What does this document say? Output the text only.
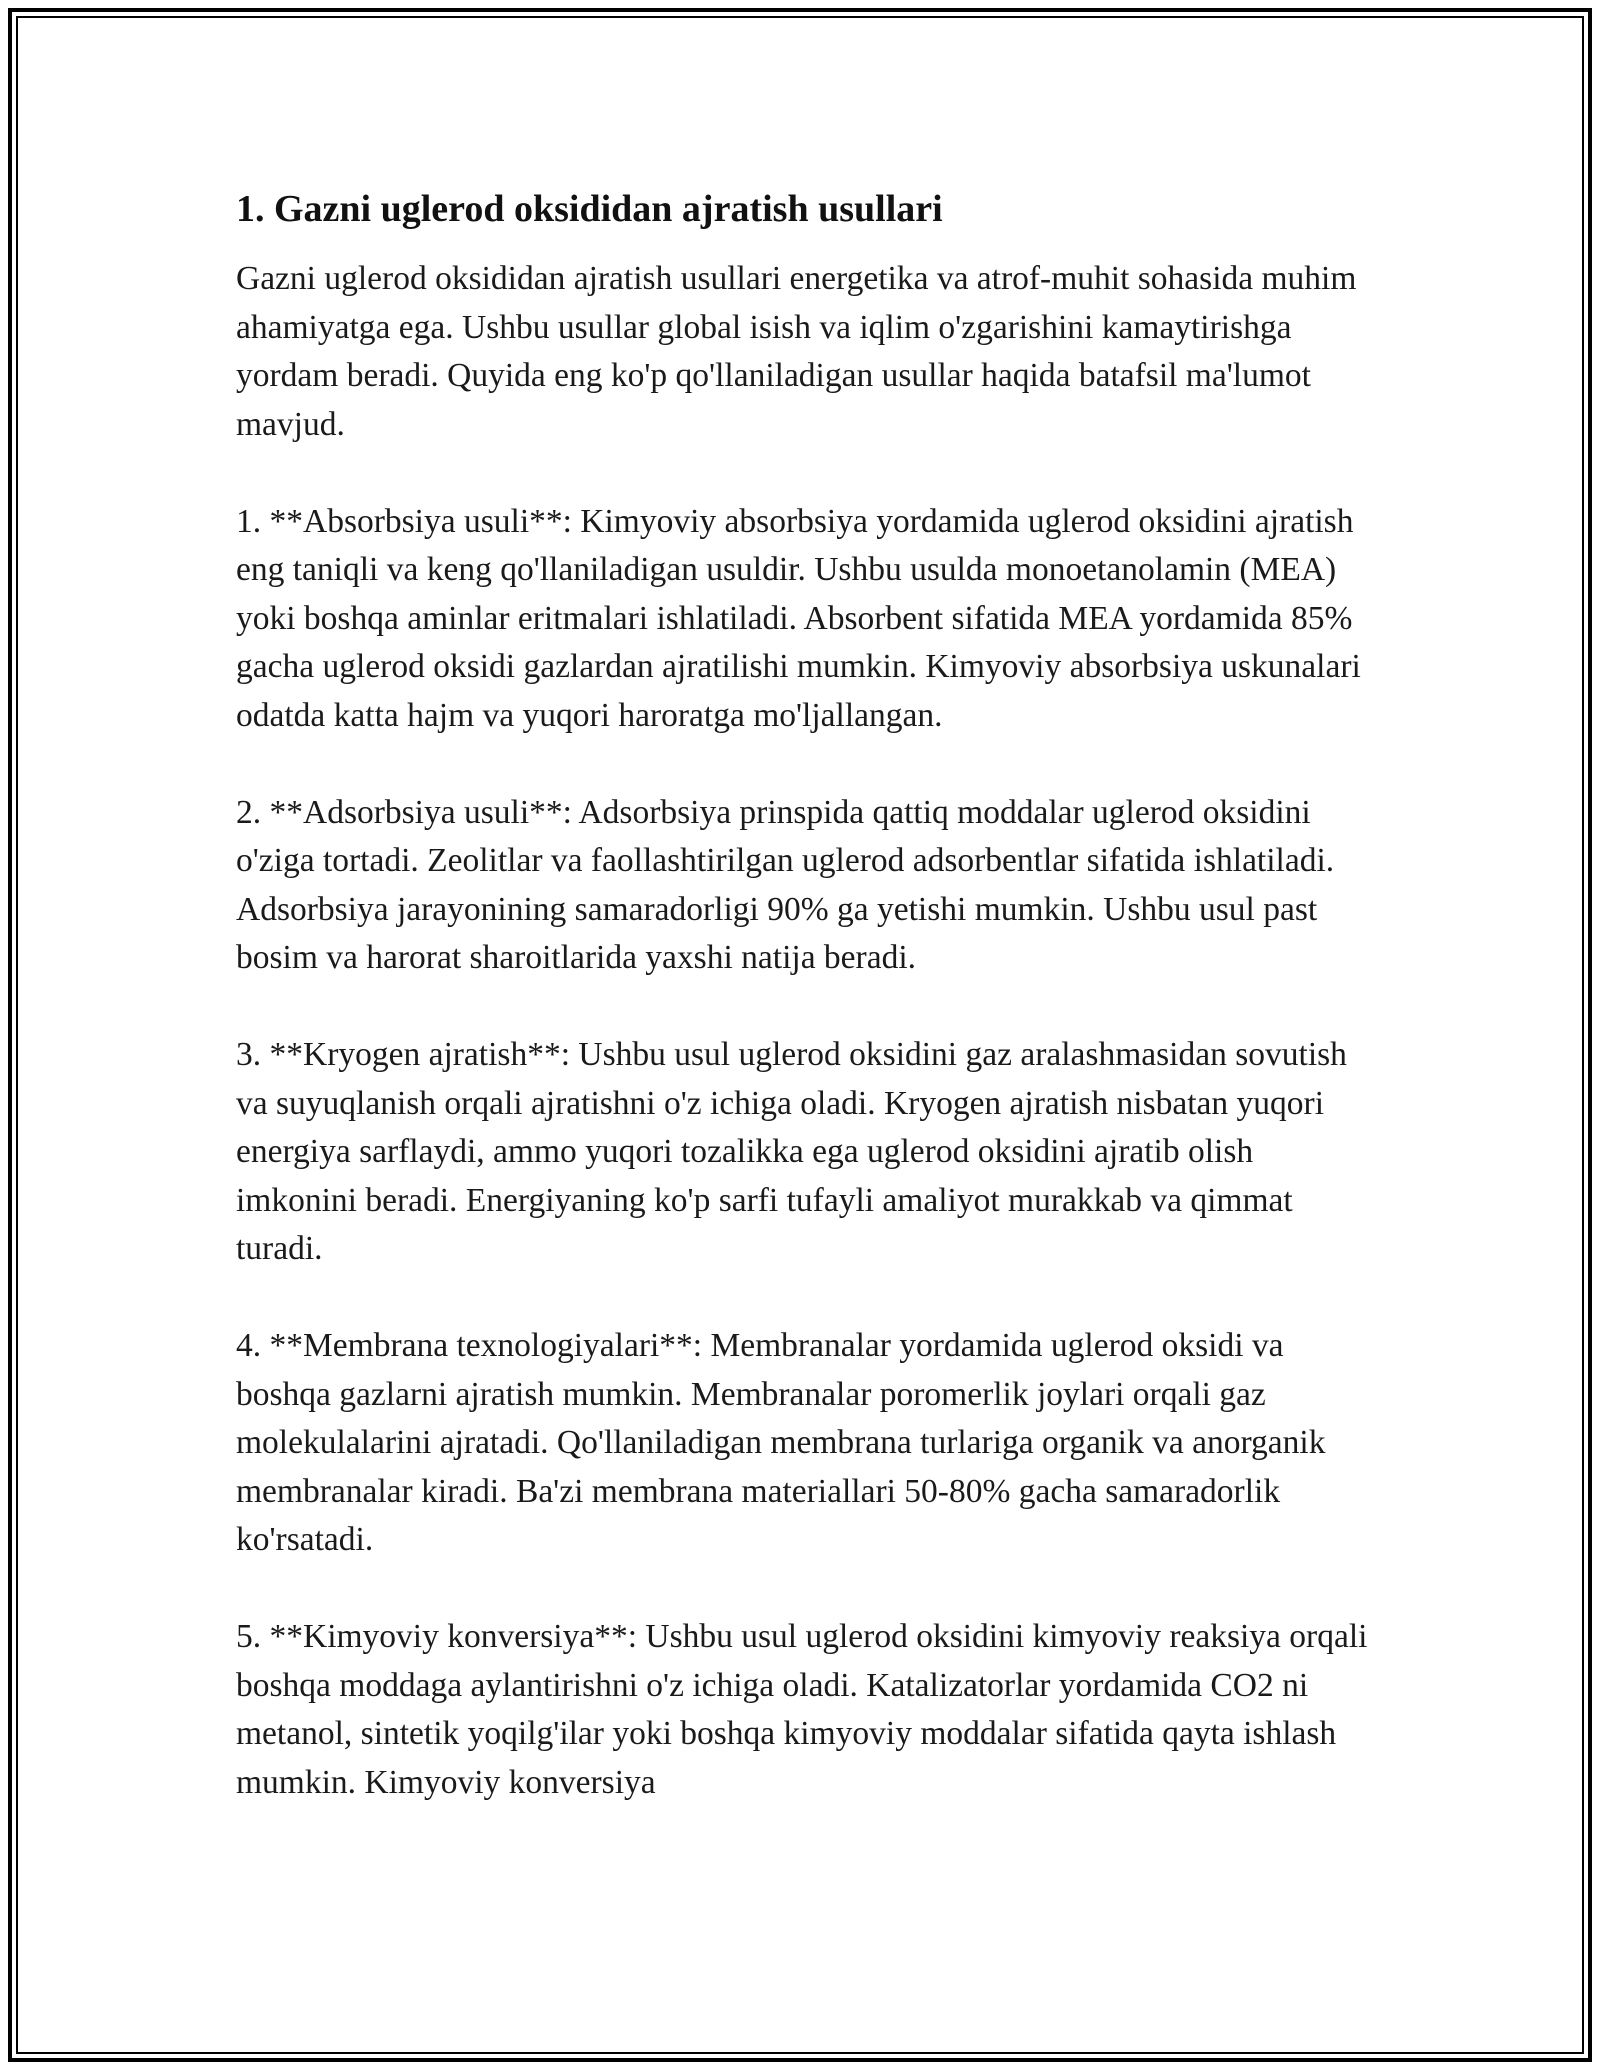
1. Gazni uglerod oksididan ajratish usullari

Gazni uglerod oksididan ajratish usullari energetika va atrof-muhit sohasida muhim ahamiyatga ega. Ushbu usullar global isish va iqlim o'zgarishini kamaytirishga yordam beradi. Quyida eng ko'p qo'llaniladigan usullar haqida batafsil ma'lumot mavjud.

1. **Absorbsiya usuli**: Kimyoviy absorbsiya yordamida uglerod oksidini ajratish eng taniqli va keng qo'llaniladigan usuldir. Ushbu usulda monoetanolamin (MEA) yoki boshqa aminlar eritmalari ishlatiladi. Absorbent sifatida MEA yordamida 85% gacha uglerod oksidi gazlardan ajratilishi mumkin. Kimyoviy absorbsiya uskunalari odatda katta hajm va yuqori haroratga mo'ljallangan.

2. **Adsorbsiya usuli**: Adsorbsiya prinspida qattiq moddalar uglerod oksidini o'ziga tortadi. Zeolitlar va faollashtirilgan uglerod adsorbentlar sifatida ishlatiladi. Adsorbsiya jarayonining samaradorligi 90% ga yetishi mumkin. Ushbu usul past bosim va harorat sharoitlarida yaxshi natija beradi.

3. **Kryogen ajratish**: Ushbu usul uglerod oksidini gaz aralashmasidan sovutish va suyuqlanish orqali ajratishni o'z ichiga oladi. Kryogen ajratish nisbatan yuqori energiya sarflaydi, ammo yuqori tozalikka ega uglerod oksidini ajratib olish imkonini beradi. Energiyaning ko'p sarfi tufayli amaliyot murakkab va qimmat turadi.

4. **Membrana texnologiyalari**: Membranalar yordamida uglerod oksidi va boshqa gazlarni ajratish mumkin. Membranalar poromerlik joylari orqali gaz molekulalarini ajratadi. Qo'llaniladigan membrana turlariga organik va anorganik membranalar kiradi. Ba'zi membrana materiallari 50-80% gacha samaradorlik ko'rsatadi.

5. **Kimyoviy konversiya**: Ushbu usul uglerod oksidini kimyoviy reaksiya orqali boshqa moddaga aylantirishni o'z ichiga oladi. Katalizatorlar yordamida CO2 ni metanol, sintetik yoqilg'ilar yoki boshqa kimyoviy moddalar sifatida qayta ishlash mumkin. Kimyoviy konversiya
